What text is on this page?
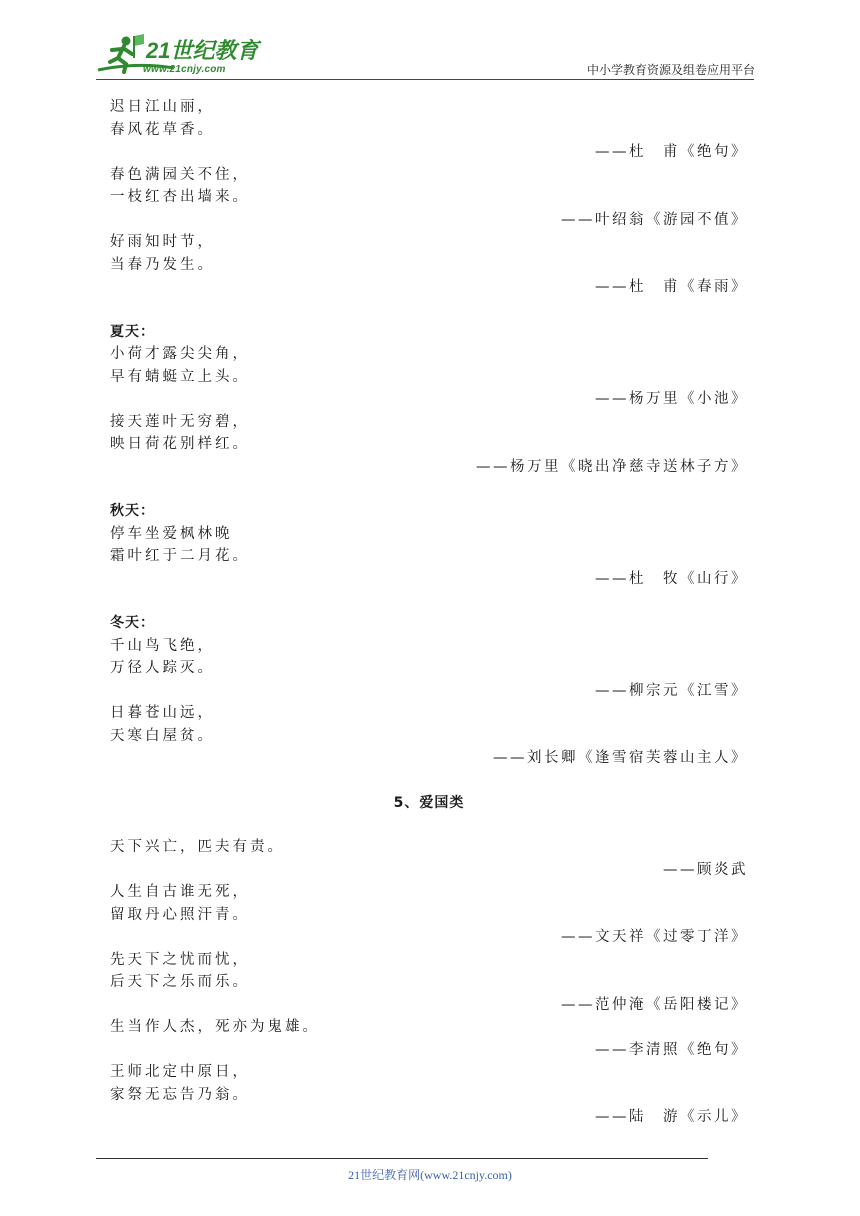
21世纪教育
www.21cnjy.com	中小学教育资源及组卷应用平台
迟日江山丽，
春风花草香。
——杜　甫《绝句》
春色满园关不住，
一枝红杏出墙来。
——叶绍翁《游园不值》
好雨知时节，
当春乃发生。
——杜　甫《春雨》
夏天：
小荷才露尖尖角，
早有蜻蜓立上头。
——杨万里《小池》
接天莲叶无穷碧，
映日荷花别样红。
——杨万里《晓出净慈寺送林子方》
秋天：
停车坐爱枫林晚
霜叶红于二月花。
——杜　牧《山行》
冬天：
千山鸟飞绝，
万径人踪灭。
——柳宗元《江雪》
日暮苍山远，
天寒白屋贫。
——刘长卿《逢雪宿芙蓉山主人》
5、爱国类
天下兴亡，匹夫有责。
——顾炎武
人生自古谁无死，
留取丹心照汗青。
——文天祥《过零丁洋》
先天下之忧而忧，
后天下之乐而乐。
——范仲淹《岳阳楼记》
生当作人杰，死亦为鬼雄。
——李清照《绝句》
王师北定中原日，
家祭无忘告乃翁。
——陆　游《示儿》
21世纪教育网(www.21cnjy.com)
